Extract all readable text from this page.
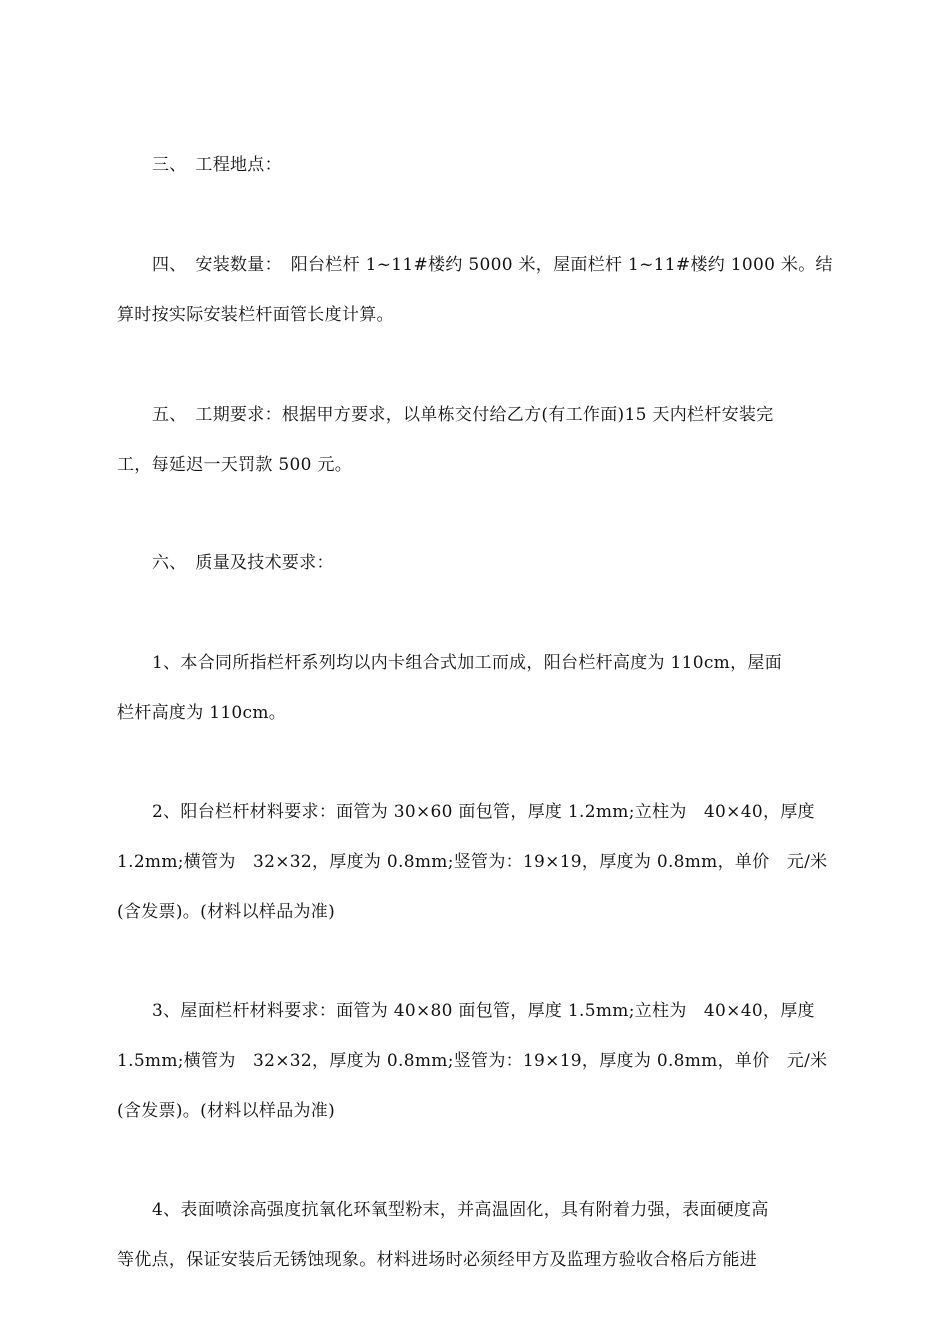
三、　工程地点：

四、　安装数量：　阳台栏杆 1~11#楼约 5000 米，屋面栏杆 1~11#楼约 1000 米。结
算时按实际安装栏杆面管长度计算。

五、　工期要求：根据甲方要求，以单栋交付给乙方(有工作面)15 天内栏杆安装完
工，每延迟一天罚款 500 元。

六、　质量及技术要求：

1、本合同所指栏杆系列均以内卡组合式加工而成，阳台栏杆高度为 110cm，屋面
栏杆高度为 110cm。

2、阳台栏杆材料要求：面管为 30×60 面包管，厚度 1.2mm;立柱为　40×40，厚度
1.2mm;横管为　32×32，厚度为 0.8mm;竖管为：19×19，厚度为 0.8mm，单价　元/米
(含发票)。(材料以样品为准)

3、屋面栏杆材料要求：面管为 40×80 面包管，厚度 1.5mm;立柱为　40×40，厚度
1.5mm;横管为　32×32，厚度为 0.8mm;竖管为：19×19，厚度为 0.8mm，单价　元/米
(含发票)。(材料以样品为准)

4、表面喷涂高强度抗氧化环氧型粉末，并高温固化，具有附着力强，表面硬度高
等优点，保证安装后无锈蚀现象。材料进场时必须经甲方及监理方验收合格后方能进
